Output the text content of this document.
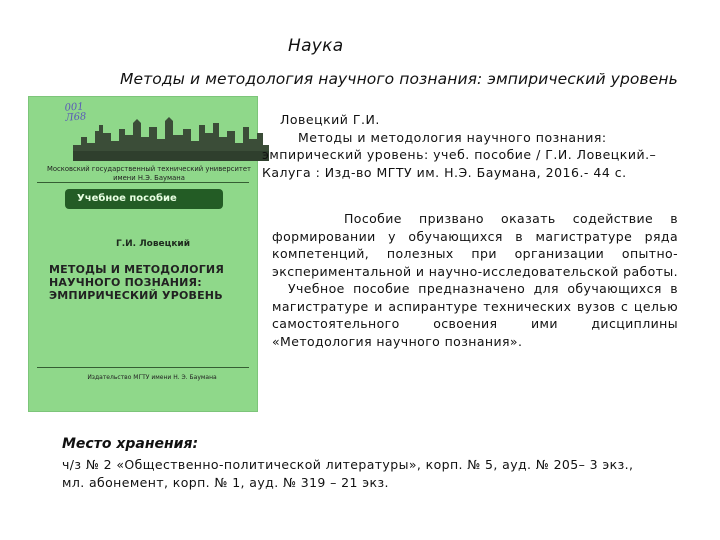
Наука
Методы и методология научного познания: эмпирический уровень
001
Л68
Московский государственный технический университет имени Н.Э. Баумана
Учебное пособие
Г.И. Ловецкий
МЕТОДЫ И МЕТОДОЛОГИЯ НАУЧНОГО ПОЗНАНИЯ: ЭМПИРИЧЕСКИЙ УРОВЕНЬ
Издательство МГТУ имени Н. Э. Баумана
Ловецкий Г.И.
Методы и методология научного познания:
эмпирический уровень: учеб. пособие / Г.И. Ловецкий.–
Калуга : Изд-во МГТУ им. Н.Э. Баумана, 2016.- 44 с.
Пособие призвано оказать содействие в формировании у обучающихся в магистратуре ряда компетенций, полезных при организации опытно-экспериментальной и научно-исследовательской работы.
Учебное пособие предназначено для обучающихся в магистратуре и аспирантуре технических вузов с целью самостоятельного освоения ими дисциплины «Методология научного познания».
Место хранения:
ч/з № 2 «Общественно-политической литературы», корп. № 5, ауд. № 205– 3 экз.,
мл. абонемент, корп. № 1, ауд. № 319 – 21 экз.
